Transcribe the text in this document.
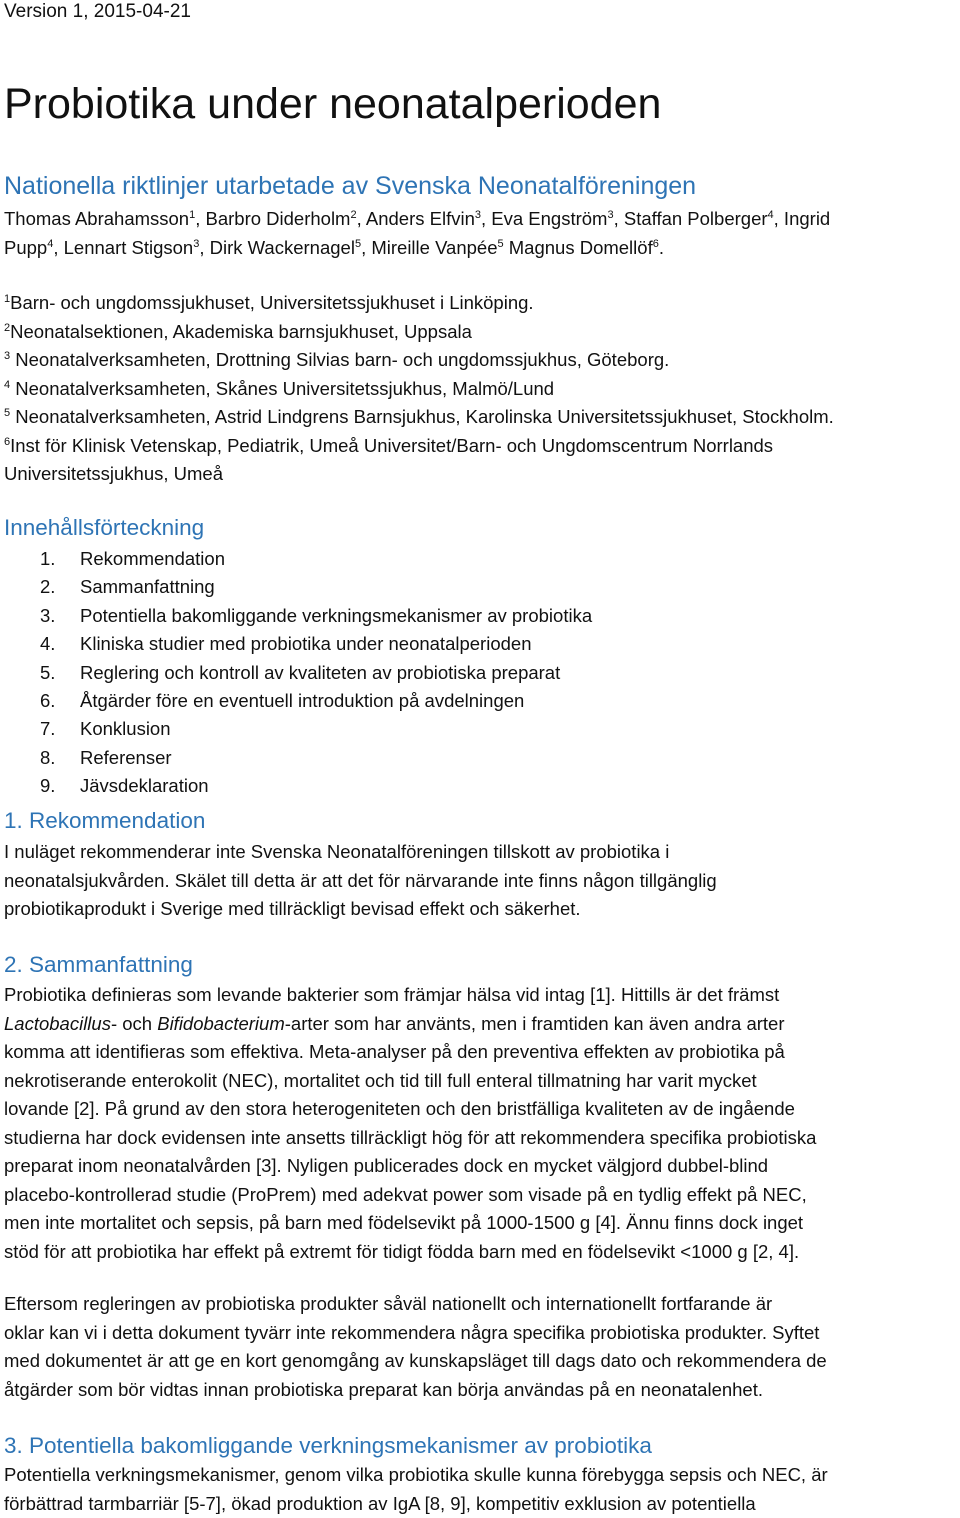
Version 1, 2015-04-21
Probiotika under neonatalperioden
Nationella riktlinjer utarbetade av Svenska Neonatalföreningen
Thomas Abrahamsson$^1$, Barbro Diderholm$^2$, Anders Elfvin$^3$, Eva Engström$^3$, Staffan Polberger$^4$, Ingrid
Pupp$^4$, Lennart Stigson$^3$, Dirk Wackernagel$^5$, Mireille Vanpée$^5$ Magnus Domellöf$^6$.
$^1$Barn- och ungdomssjukhuset, Universitetssjukhuset i Linköping.
$^2$Neonatalsektionen, Akademiska barnsjukhuset, Uppsala
$^3$ Neonatalverksamheten, Drottning Silvias barn- och ungdomssjukhus, Göteborg.
$^4$ Neonatalverksamheten, Skånes Universitetssjukhus, Malmö/Lund
$^5$ Neonatalverksamheten, Astrid Lindgrens Barnsjukhus, Karolinska Universitetssjukhuset, Stockholm.
$^6$Inst för Klinisk Vetenskap, Pediatrik, Umeå Universitet/Barn- och Ungdomscentrum Norrlands
Universitetssjukhus, Umeå
Innehållsförteckning
1.	Rekommendation
2.	Sammanfattning
3.	Potentiella bakomliggande verkningsmekanismer av probiotika
4.	Kliniska studier med probiotika under neonatalperioden
5.	Reglering och kontroll av kvaliteten av probiotiska preparat
6.	Åtgärder före en eventuell introduktion på avdelningen
7.	Konklusion
8.	Referenser
9.	Jävsdeklaration
1. Rekommendation
I nuläget rekommenderar inte Svenska Neonatalföreningen tillskott av probiotika i
neonatalsjukvården. Skälet till detta är att det för närvarande inte finns någon tillgänglig
probiotikaprodukt i Sverige med tillräckligt bevisad effekt och säkerhet.
2. Sammanfattning
Probiotika definieras som levande bakterier som främjar hälsa vid intag [1]. Hittills är det främst
Lactobacillus- och Bifidobacterium-arter som har använts, men i framtiden kan även andra arter
komma att identifieras som effektiva. Meta-analyser på den preventiva effekten av probiotika på
nekrotiserande enterokolit (NEC), mortalitet och tid till full enteral tillmatning har varit mycket
lovande [2]. På grund av den stora heterogeniteten och den bristfälliga kvaliteten av de ingående
studierna har dock evidensen inte ansetts tillräckligt hög för att rekommendera specifika probiotiska
preparat inom neonatalvården [3]. Nyligen publicerades dock en mycket välgjord dubbel-blind
placebo-kontrollerad studie (ProPrem) med adekvat power som visade på en tydlig effekt på NEC,
men inte mortalitet och sepsis, på barn med födelsevikt på 1000-1500 g [4]. Ännu finns dock inget
stöd för att probiotika har effekt på extremt för tidigt födda barn med en födelsevikt <1000 g [2, 4].
Eftersom regleringen av probiotiska produkter såväl nationellt och internationellt fortfarande är
oklar kan vi i detta dokument tyvärr inte rekommendera några specifika probiotiska produkter. Syftet
med dokumentet är att ge en kort genomgång av kunskapsläget till dags dato och rekommendera de
åtgärder som bör vidtas innan probiotiska preparat kan börja användas på en neonatalenhet.
3. Potentiella bakomliggande verkningsmekanismer av probiotika
Potentiella verkningsmekanismer, genom vilka probiotika skulle kunna förebygga sepsis och NEC, är
förbättrad tarmbarriär [5-7], ökad produktion av IgA [8, 9], kompetitiv exklusion av potentiella
